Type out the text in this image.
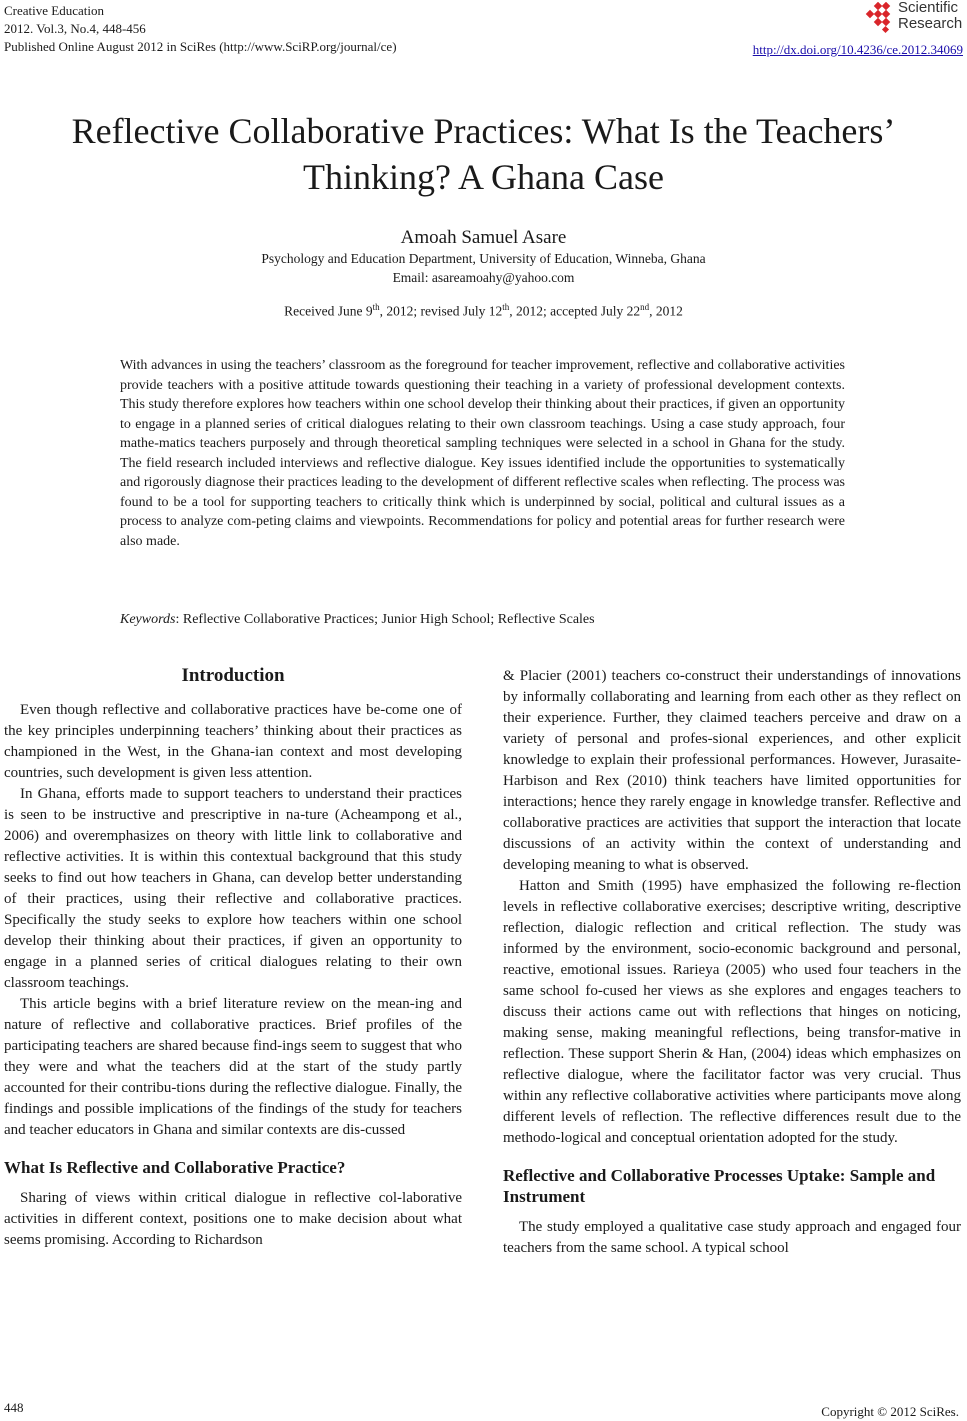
Creative Education
2012. Vol.3, No.4, 448-456
Published Online August 2012 in SciRes (http://www.SciRP.org/journal/ce)
Scientific
Research
http://dx.doi.org/10.4236/ce.2012.34069
Reflective Collaborative Practices: What Is the Teachers’ Thinking? A Ghana Case
Amoah Samuel Asare
Psychology and Education Department, University of Education, Winneba, Ghana
Email: asareamoahy@yahoo.com
Received June 9th, 2012; revised July 12th, 2012; accepted July 22nd, 2012
With advances in using the teachers’ classroom as the foreground for teacher improvement, reflective and collaborative activities provide teachers with a positive attitude towards questioning their teaching in a variety of professional development contexts. This study therefore explores how teachers within one school develop their thinking about their practices, if given an opportunity to engage in a planned series of critical dialogues relating to their own classroom teachings. Using a case study approach, four mathe-matics teachers purposely and through theoretical sampling techniques were selected in a school in Ghana for the study. The field research included interviews and reflective dialogue. Key issues identified include the opportunities to systematically and rigorously diagnose their practices leading to the development of different reflective scales when reflecting. The process was found to be a tool for supporting teachers to critically think which is underpinned by social, political and cultural issues as a process to analyze com-peting claims and viewpoints. Recommendations for policy and potential areas for further research were also made.
Keywords: Reflective Collaborative Practices; Junior High School; Reflective Scales
Introduction

Even though reflective and collaborative practices have be-come one of the key principles underpinning teachers’ thinking about their practices as championed in the West, in the Ghana-ian context and most developing countries, such development is given less attention.

In Ghana, efforts made to support teachers to understand their practices is seen to be instructive and prescriptive in na-ture (Acheampong et al., 2006) and overemphasizes on theory with little link to collaborative and reflective activities. It is within this contextual background that this study seeks to find out how teachers in Ghana, can develop better understanding of their practices, using their reflective and collaborative practices. Specifically the study seeks to explore how teachers within one school develop their thinking about their practices, if given an opportunity to engage in a planned series of critical dialogues relating to their own classroom teachings.

This article begins with a brief literature review on the mean-ing and nature of reflective and collaborative practices. Brief profiles of the participating teachers are shared because find-ings seem to suggest that who they were and what the teachers did at the start of the study partly accounted for their contribu-tions during the reflective dialogue. Finally, the findings and possible implications of the findings of the study for teachers and teacher educators in Ghana and similar contexts are dis-cussed

What Is Reflective and Collaborative Practice?

Sharing of views within critical dialogue in reflective col-laborative activities in different context, positions one to make decision about what seems promising. According to Richardson

& Placier (2001) teachers co-construct their understandings of innovations by informally collaborating and learning from each other as they reflect on their experience. Further, they claimed teachers perceive and draw on a variety of personal and profes-sional experiences, and other explicit knowledge to explain their professional performances. However, Jurasaite-Harbison and Rex (2010) think teachers have limited opportunities for interactions; hence they rarely engage in knowledge transfer. Reflective and collaborative practices are activities that support the interaction that locate discussions of an activity within the context of understanding and developing meaning to what is observed.

Hatton and Smith (1995) have emphasized the following re-flection levels in reflective collaborative exercises; descriptive writing, descriptive reflection, dialogic reflection and critical reflection. The study was informed by the environment, socio-economic background and personal, reactive, emotional issues. Rarieya (2005) who used four teachers in the same school fo-cused her views as she explores and engages teachers to discuss their actions came out with reflections that hinges on noticing, making sense, making meaningful reflections, being transfor-mative in reflection. These support Sherin & Han, (2004) ideas which emphasizes on reflective dialogue, where the facilitator factor was very crucial. Thus within any reflective collaborative activities where participants move along different levels of reflection. The reflective differences result due to the methodo-logical and conceptual orientation adopted for the study.

Reflective and Collaborative Processes Uptake: Sample and Instrument

The study employed a qualitative case study approach and engaged four teachers from the same school. A typical school

448	Copyright © 2012 SciRes.
